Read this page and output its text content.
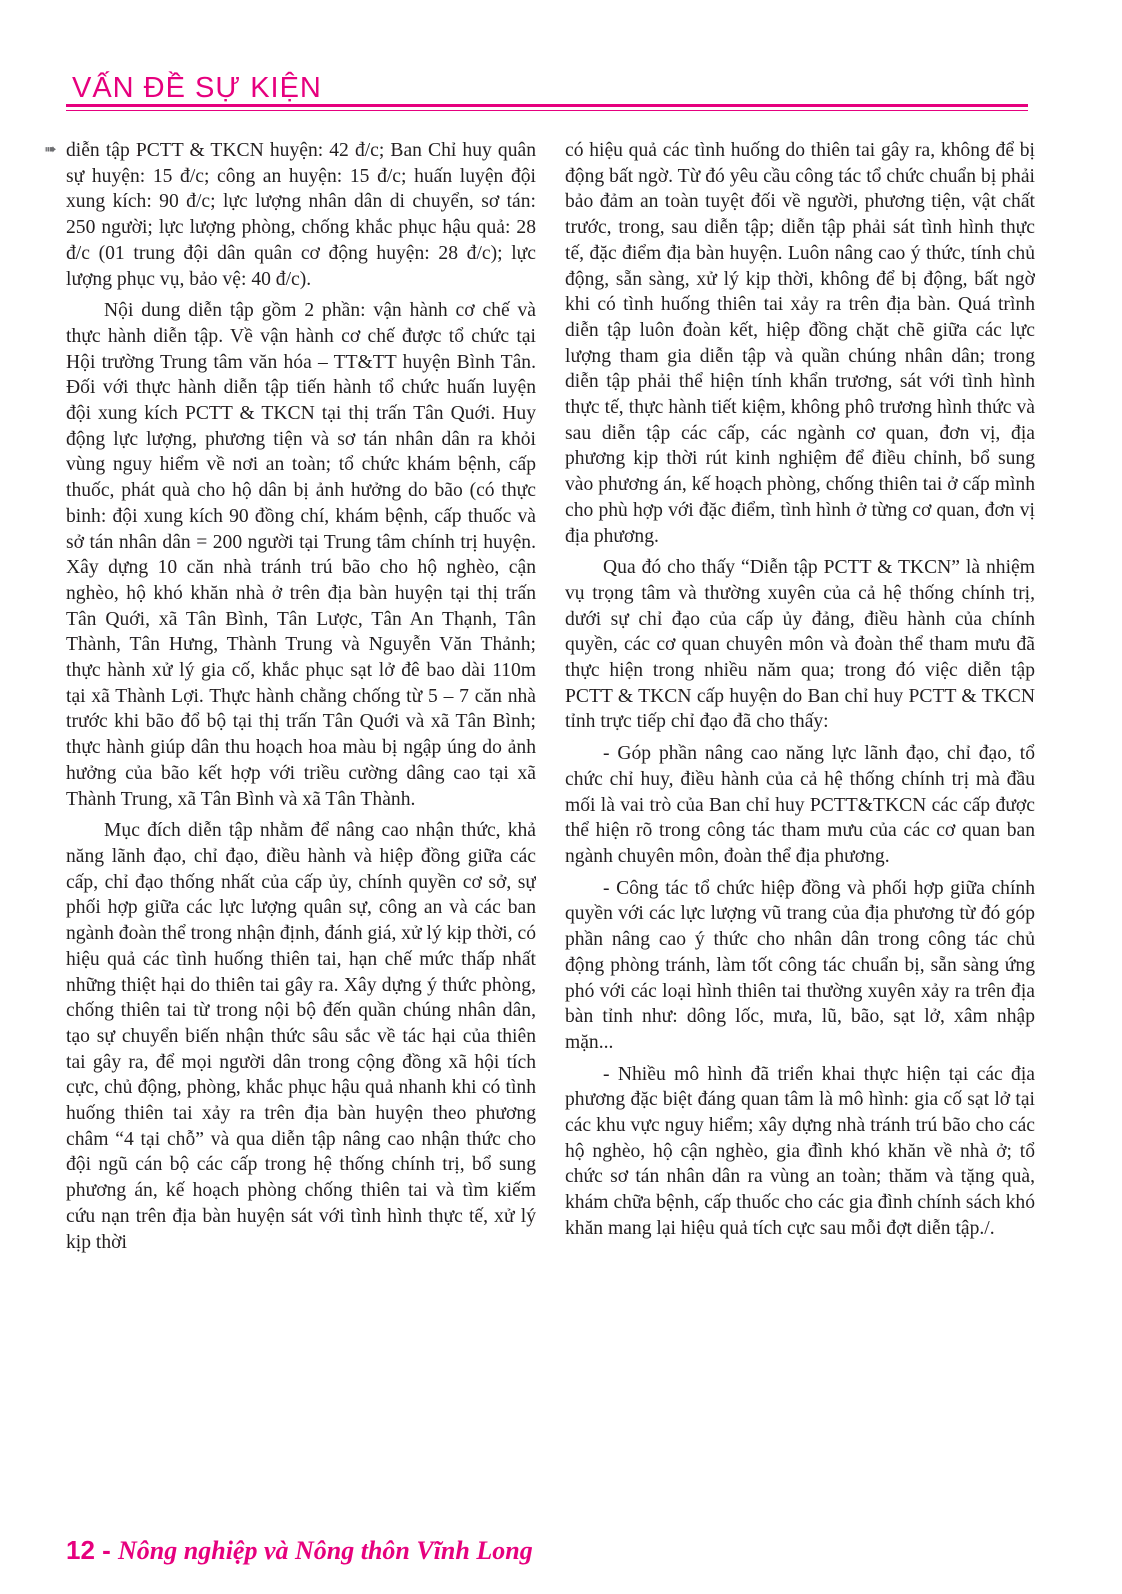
VẤN ĐỀ SỰ KIỆN
➠ diễn tập PCTT & TKCN huyện: 42 đ/c; Ban Chỉ huy quân sự huyện: 15 đ/c; công an huyện: 15 đ/c; huấn luyện đội xung kích: 90 đ/c; lực lượng nhân dân di chuyển, sơ tán: 250 người; lực lượng phòng, chống khắc phục hậu quả: 28 đ/c (01 trung đội dân quân cơ động huyện: 28 đ/c); lực lượng phục vụ, bảo vệ: 40 đ/c).

Nội dung diễn tập gồm 2 phần: vận hành cơ chế và thực hành diễn tập. Về vận hành cơ chế được tổ chức tại Hội trường Trung tâm văn hóa – TT&TT huyện Bình Tân. Đối với thực hành diễn tập tiến hành tổ chức huấn luyện đội xung kích PCTT & TKCN tại thị trấn Tân Quới. Huy động lực lượng, phương tiện và sơ tán nhân dân ra khỏi vùng nguy hiểm về nơi an toàn; tổ chức khám bệnh, cấp thuốc, phát quà cho hộ dân bị ảnh hưởng do bão (có thực binh: đội xung kích 90 đồng chí, khám bệnh, cấp thuốc và sở tán nhân dân = 200 người tại Trung tâm chính trị huyện. Xây dựng 10 căn nhà tránh trú bão cho hộ nghèo, cận nghèo, hộ khó khăn nhà ở trên địa bàn huyện tại thị trấn Tân Quới, xã Tân Bình, Tân Lược, Tân An Thạnh, Tân Thành, Tân Hưng, Thành Trung và Nguyễn Văn Thảnh; thực hành xử lý gia cố, khắc phục sạt lở đê bao dài 110m tại xã Thành Lợi. Thực hành chằng chống từ 5 – 7 căn nhà trước khi bão đổ bộ tại thị trấn Tân Quới và xã Tân Bình; thực hành giúp dân thu hoạch hoa màu bị ngập úng do ảnh hưởng của bão kết hợp với triều cường dâng cao tại xã Thành Trung, xã Tân Bình và xã Tân Thành.

Mục đích diễn tập nhằm để nâng cao nhận thức, khả năng lãnh đạo, chỉ đạo, điều hành và hiệp đồng giữa các cấp, chỉ đạo thống nhất của cấp ủy, chính quyền cơ sở, sự phối hợp giữa các lực lượng quân sự, công an và các ban ngành đoàn thể trong nhận định, đánh giá, xử lý kịp thời, có hiệu quả các tình huống thiên tai, hạn chế mức thấp nhất những thiệt hại do thiên tai gây ra. Xây dựng ý thức phòng, chống thiên tai từ trong nội bộ đến quần chúng nhân dân, tạo sự chuyển biến nhận thức sâu sắc về tác hại của thiên tai gây ra, để mọi người dân trong cộng đồng xã hội tích cực, chủ động, phòng, khắc phục hậu quả nhanh khi có tình huống thiên tai xảy ra trên địa bàn huyện theo phương châm “4 tại chỗ” và qua diễn tập nâng cao nhận thức cho đội ngũ cán bộ các cấp trong hệ thống chính trị, bổ sung phương án, kế hoạch phòng chống thiên tai và tìm kiếm cứu nạn trên địa bàn huyện sát với tình hình thực tế, xử lý kịp thời

có hiệu quả các tình huống do thiên tai gây ra, không để bị động bất ngờ. Từ đó yêu cầu công tác tổ chức chuẩn bị phải bảo đảm an toàn tuyệt đối về người, phương tiện, vật chất trước, trong, sau diễn tập; diễn tập phải sát tình hình thực tế, đặc điểm địa bàn huyện. Luôn nâng cao ý thức, tính chủ động, sẵn sàng, xử lý kịp thời, không để bị động, bất ngờ khi có tình huống thiên tai xảy ra trên địa bàn. Quá trình diễn tập luôn đoàn kết, hiệp đồng chặt chẽ giữa các lực lượng tham gia diễn tập và quần chúng nhân dân; trong diễn tập phải thể hiện tính khẩn trương, sát với tình hình thực tế, thực hành tiết kiệm, không phô trương hình thức và sau diễn tập các cấp, các ngành cơ quan, đơn vị, địa phương kịp thời rút kinh nghiệm để điều chỉnh, bổ sung vào phương án, kế hoạch phòng, chống thiên tai ở cấp mình cho phù hợp với đặc điểm, tình hình ở từng cơ quan, đơn vị địa phương.

Qua đó cho thấy “Diễn tập PCTT & TKCN” là nhiệm vụ trọng tâm và thường xuyên của cả hệ thống chính trị, dưới sự chỉ đạo của cấp ủy đảng, điều hành của chính quyền, các cơ quan chuyên môn và đoàn thể tham mưu đã thực hiện trong nhiều năm qua; trong đó việc diễn tập PCTT & TKCN cấp huyện do Ban chỉ huy PCTT & TKCN tỉnh trực tiếp chỉ đạo đã cho thấy:

- Góp phần nâng cao năng lực lãnh đạo, chỉ đạo, tổ chức chỉ huy, điều hành của cả hệ thống chính trị mà đầu mối là vai trò của Ban chỉ huy PCTT&TKCN các cấp được thể hiện rõ trong công tác tham mưu của các cơ quan ban ngành chuyên môn, đoàn thể địa phương.

- Công tác tổ chức hiệp đồng và phối hợp giữa chính quyền với các lực lượng vũ trang của địa phương từ đó góp phần nâng cao ý thức cho nhân dân trong công tác chủ động phòng tránh, làm tốt công tác chuẩn bị, sẵn sàng ứng phó với các loại hình thiên tai thường xuyên xảy ra trên địa bàn tỉnh như: dông lốc, mưa, lũ, bão, sạt lở, xâm nhập mặn...

- Nhiều mô hình đã triển khai thực hiện tại các địa phương đặc biệt đáng quan tâm là mô hình: gia cố sạt lở tại các khu vực nguy hiểm; xây dựng nhà tránh trú bão cho các hộ nghèo, hộ cận nghèo, gia đình khó khăn về nhà ở; tổ chức sơ tán nhân dân ra vùng an toàn; thăm và tặng quà, khám chữa bệnh, cấp thuốc cho các gia đình chính sách khó khăn mang lại hiệu quả tích cực sau mỗi đợt diễn tập./.

12 - Nông nghiệp và Nông thôn Vĩnh Long
